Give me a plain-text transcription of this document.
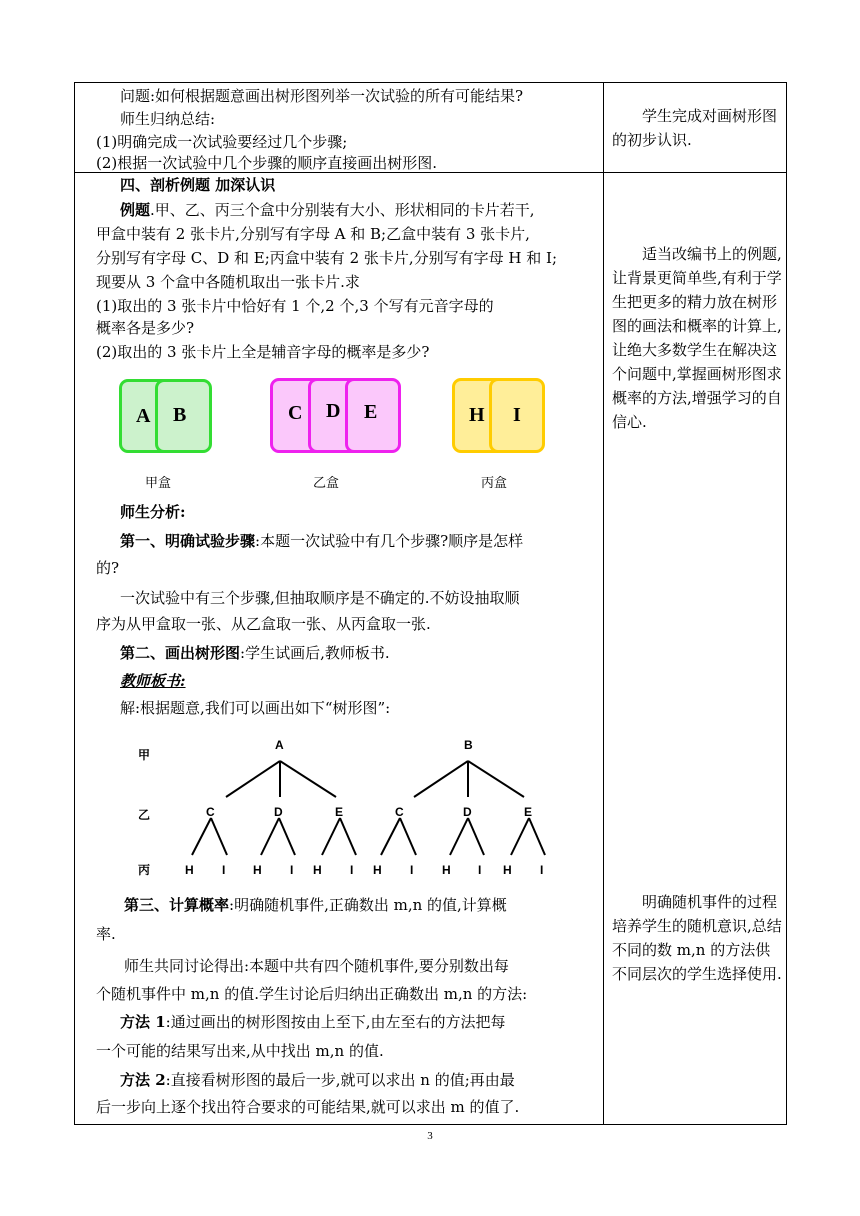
问题:如何根据题意画出树形图列举一次试验的所有可能结果?
师生归纳总结:
(1)明确完成一次试验要经过几个步骤;
(2)根据一次试验中几个步骤的顺序直接画出树形图.
学生完成对画树形图的初步认识.
四、剖析例题 加深认识
例题.甲、乙、丙三个盒中分别装有大小、形状相同的卡片若干,
甲盒中装有 2 张卡片,分别写有字母 A 和 B;乙盒中装有 3 张卡片,
分别写有字母 C、D 和 E;丙盒中装有 2 张卡片,分别写有字母 H 和 I;
现要从 3 个盒中各随机取出一张卡片.求
(1)取出的 3 张卡片中恰好有 1 个,2 个,3 个写有元音字母的
概率各是多少?
(2)取出的 3 张卡片上全是辅音字母的概率是多少?
A B
甲盒
C D E
乙盒
H I
丙盒
师生分析:
第一、明确试验步骤:本题一次试验中有几个步骤?顺序是怎样
的?
一次试验中有三个步骤,但抽取顺序是不确定的.不妨设抽取顺
序为从甲盒取一张、从乙盒取一张、从丙盒取一张.
第二、画出树形图:学生试画后,教师板书.
教师板书:
解:根据题意,我们可以画出如下“树形图”:
甲
乙
丙
A	B
C	D	E	C	D	E
H I H I H I H I H I H I
第三、计算概率:明确随机事件,正确数出 m,n 的值,计算概
率.
师生共同讨论得出:本题中共有四个随机事件,要分别数出每
个随机事件中 m,n 的值.学生讨论后归纳出正确数出 m,n 的方法:
方法 1:通过画出的树形图按由上至下,由左至右的方法把每
一个可能的结果写出来,从中找出 m,n 的值.
方法 2:直接看树形图的最后一步,就可以求出 n 的值;再由最
后一步向上逐个找出符合要求的可能结果,就可以求出 m 的值了.
适当改编书上的例题,让背景更简单些,有利于学生把更多的精力放在树形图的画法和概率的计算上,让绝大多数学生在解决这个问题中,掌握画树形图求概率的方法,增强学习的自信心.
明确随机事件的过程培养学生的随机意识,总结不同的数 m,n 的方法供不同层次的学生选择使用.
3
